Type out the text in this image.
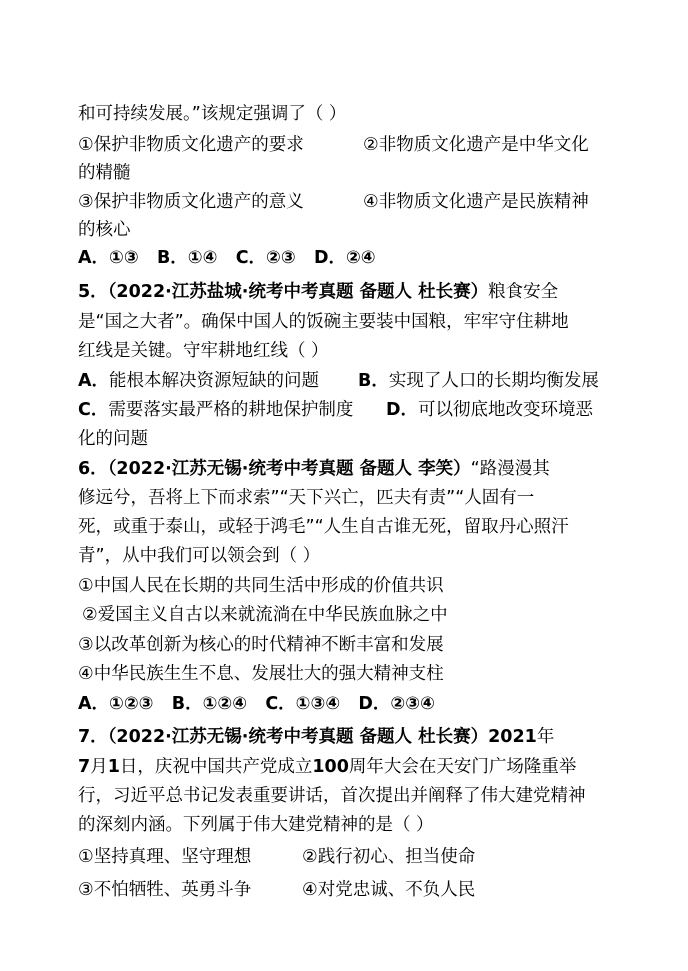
和可持续发展。”该规定强调了（ ）
①保护非物质文化遗产的要求	②非物质文化遗产是中华文化
的精髓
③保护非物质文化遗产的意义	④非物质文化遗产是民族精神
的核心
A．①③   B．①④   C．②③   D．②④
5．（2022·江苏盐城·统考中考真题 备题人 杜长赛）粮食安全
是“国之大者”。确保中国人的饭碗主要装中国粮，牢牢守住耕地
红线是关键。守牢耕地红线（ ）
A．能根本解决资源短缺的问题 B．实现了人口的长期均衡发展
C．需要落实最严格的耕地保护制度 D．可以彻底地改变环境恶
化的问题
6．（2022·江苏无锡·统考中考真题 备题人 李笑）“路漫漫其
修远兮，吾将上下而求索”“天下兴亡，匹夫有责”“人固有一
死，或重于泰山，或轻于鸿毛”“人生自古谁无死，留取丹心照汗
青”，从中我们可以领会到（ ）
①中国人民在长期的共同生活中形成的价值共识
②爱国主义自古以来就流淌在中华民族血脉之中
③以改革创新为核心的时代精神不断丰富和发展
④中华民族生生不息、发展壮大的强大精神支柱
A．①②③   B．①②④   C．①③④   D．②③④
7．（2022·江苏无锡·统考中考真题 备题人 杜长赛）2021年
7月1日，庆祝中国共产党成立100周年大会在天安门广场隆重举
行，习近平总书记发表重要讲话，首次提出并阐释了伟大建党精神
的深刻内涵。下列属于伟大建党精神的是（ ）
①坚持真理、坚守理想	②践行初心、担当使命
③不怕牺牲、英勇斗争	④对党忠诚、不负人民
